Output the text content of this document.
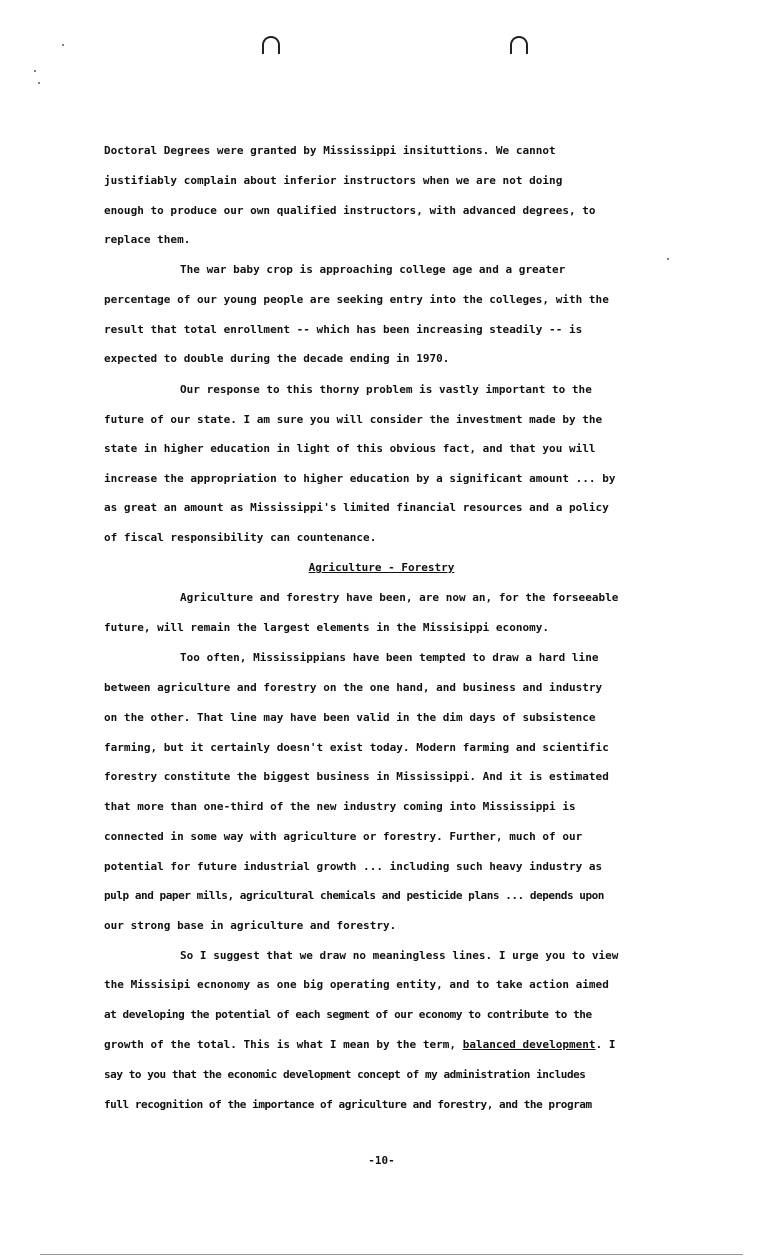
Doctoral Degrees were granted by Mississippi insituttions. We cannot
justifiably complain about inferior instructors when we are not doing
enough to produce our own qualified instructors, with advanced degrees, to
replace them.
The war baby crop is approaching college age and a greater
percentage of our young people are seeking entry into the colleges, with the
result that total enrollment -- which has been increasing steadily -- is
expected to double during the decade ending in 1970.
Our response to this thorny problem is vastly important to the
future of our state. I am sure you will consider the investment made by the
state in higher education in light of this obvious fact, and that you will
increase the appropriation to higher education by a significant amount ... by
as great an amount as Mississippi's limited financial resources and a policy
of fiscal responsibility can countenance.
Agriculture - Forestry
Agriculture and forestry have been, are now an, for the forseeable
future, will remain the largest elements in the Missisippi economy.
Too often, Mississippians have been tempted to draw a hard line
between agriculture and forestry on the one hand, and business and industry
on the other. That line may have been valid in the dim days of subsistence
farming, but it certainly doesn't exist today. Modern farming and scientific
forestry constitute the biggest business in Mississippi. And it is estimated
that more than one-third of the new industry coming into Mississippi is
connected in some way with agriculture or forestry. Further, much of our
potential for future industrial growth ... including such heavy industry as
pulp and paper mills, agricultural chemicals and pesticide plans ... depends upon
our strong base in agriculture and forestry.
So I suggest that we draw no meaningless lines. I urge you to view
the Missisipi ecnonomy as one big operating entity, and to take action aimed
at developing the potential of each segment of our economy to contribute to the
growth of the total. This is what I mean by the term, balanced development. I
say to you that the economic development concept of my administration includes
full recognition of the importance of agriculture and forestry, and the program
-10-
